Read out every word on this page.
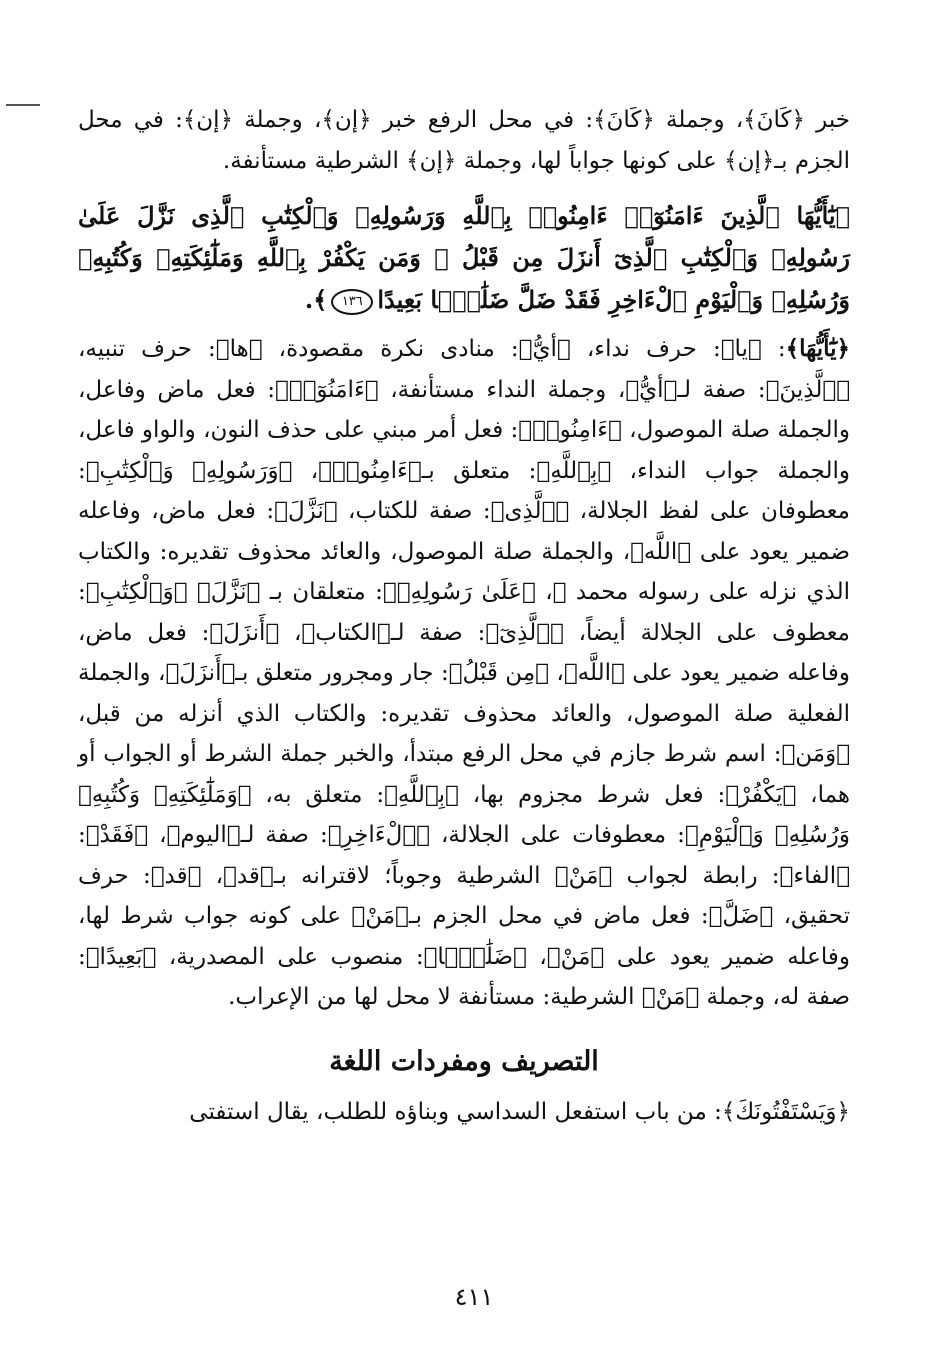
خبر ﴿كَانَ﴾، وجملة ﴿كَانَ﴾: في محل الرفع خبر ﴿إن﴾، وجملة ﴿إن﴾: في محل الجزم بـ﴿إن﴾ على كونها جواباً لها، وجملة ﴿إن﴾ الشرطية مستأنفة.

﴿يَٰٓأَيُّهَا ٱلَّذِينَ ءَامَنُوٓا۟ ءَامِنُوا۟ بِٱللَّهِ وَرَسُولِهِۦ وَٱلْكِتَٰبِ ٱلَّذِى نَزَّلَ عَلَىٰ رَسُولِهِۦ وَٱلْكِتَٰبِ ٱلَّذِىٓ أَنزَلَ مِن قَبْلُ ۚ وَمَن يَكْفُرْ بِٱللَّهِ وَمَلَٰٓئِكَتِهِۦ وَكُتُبِهِۦ وَرُسُلِهِۦ وَٱلْيَوْمِ ٱلْءَاخِرِ فَقَدْ ضَلَّ ضَلَٰلًۢا بَعِيدًا١٣٦﴾.

﴿يَٰٓأَيُّهَا﴾: ﴿يا﴾: حرف نداء، ﴿أيُّ﴾: منادى نكرة مقصودة، ﴿ها﴾: حرف تنبيه، ﴿ٱلَّذِينَ﴾: صفة لـ﴿أيُّ﴾، وجملة النداء مستأنفة، ﴿ءَامَنُوٓا۟﴾: فعل ماض وفاعل، والجملة صلة الموصول، ﴿ءَامِنُوا۟﴾: فعل أمر مبني على حذف النون، والواو فاعل، والجملة جواب النداء، ﴿بِٱللَّهِ﴾: متعلق بـ﴿ءَامِنُوا۟﴾، ﴿وَرَسُولِهِۦ وَٱلْكِتَٰبِ﴾: معطوفان على لفظ الجلالة، ﴿ٱلَّذِى﴾: صفة للكتاب، ﴿نَزَّلَ﴾: فعل ماض، وفاعله ضمير يعود على ﴿اللَّه﴾، والجملة صلة الموصول، والعائد محذوف تقديره: والكتاب الذي نزله على رسوله محمد ﷺ، ﴿عَلَىٰ رَسُولِهِۦ﴾: متعلقان بـ ﴿نَزَّلَ﴾ ﴿وَٱلْكِتَٰبِ﴾: معطوف على الجلالة أيضاً، ﴿ٱلَّذِىٓ﴾: صفة لـ﴿الكتاب﴾، ﴿أَنزَلَ﴾: فعل ماض، وفاعله ضمير يعود على ﴿اللَّه﴾، ﴿مِن قَبْلُ﴾: جار ومجرور متعلق بـ﴿أَنزَلَ﴾، والجملة الفعلية صلة الموصول، والعائد محذوف تقديره: والكتاب الذي أنزله من قبل، ﴿وَمَن﴾: اسم شرط جازم في محل الرفع مبتدأ، والخبر جملة الشرط أو الجواب أو هما، ﴿يَكْفُرْ﴾: فعل شرط مجزوم بها، ﴿بِٱللَّهِ﴾: متعلق به، ﴿وَمَلَٰٓئِكَتِهِۦ وَكُتُبِهِۦ وَرُسُلِهِۦ وَٱلْيَوْمِ﴾: معطوفات على الجلالة، ﴿ٱلْءَاخِرِ﴾: صفة لـ﴿اليوم﴾، ﴿فَقَدْ﴾: ﴿الفاء﴾: رابطة لجواب ﴿مَنْ﴾ الشرطية وجوباً؛ لاقترانه بـ﴿قد﴾، ﴿قد﴾: حرف تحقيق، ﴿ضَلَّ﴾: فعل ماض في محل الجزم بـ﴿مَنْ﴾ على كونه جواب شرط لها، وفاعله ضمير يعود على ﴿مَنْ﴾، ﴿ضَلَٰلًۢا﴾: منصوب على المصدرية، ﴿بَعِيدًا﴾: صفة له، وجملة ﴿مَنْ﴾ الشرطية: مستأنفة لا محل لها من الإعراب.

التصريف ومفردات اللغة

﴿وَيَسْتَفْتُونَكَ﴾: من باب استفعل السداسي وبناؤه للطلب، يقال استفتى

٤١١
